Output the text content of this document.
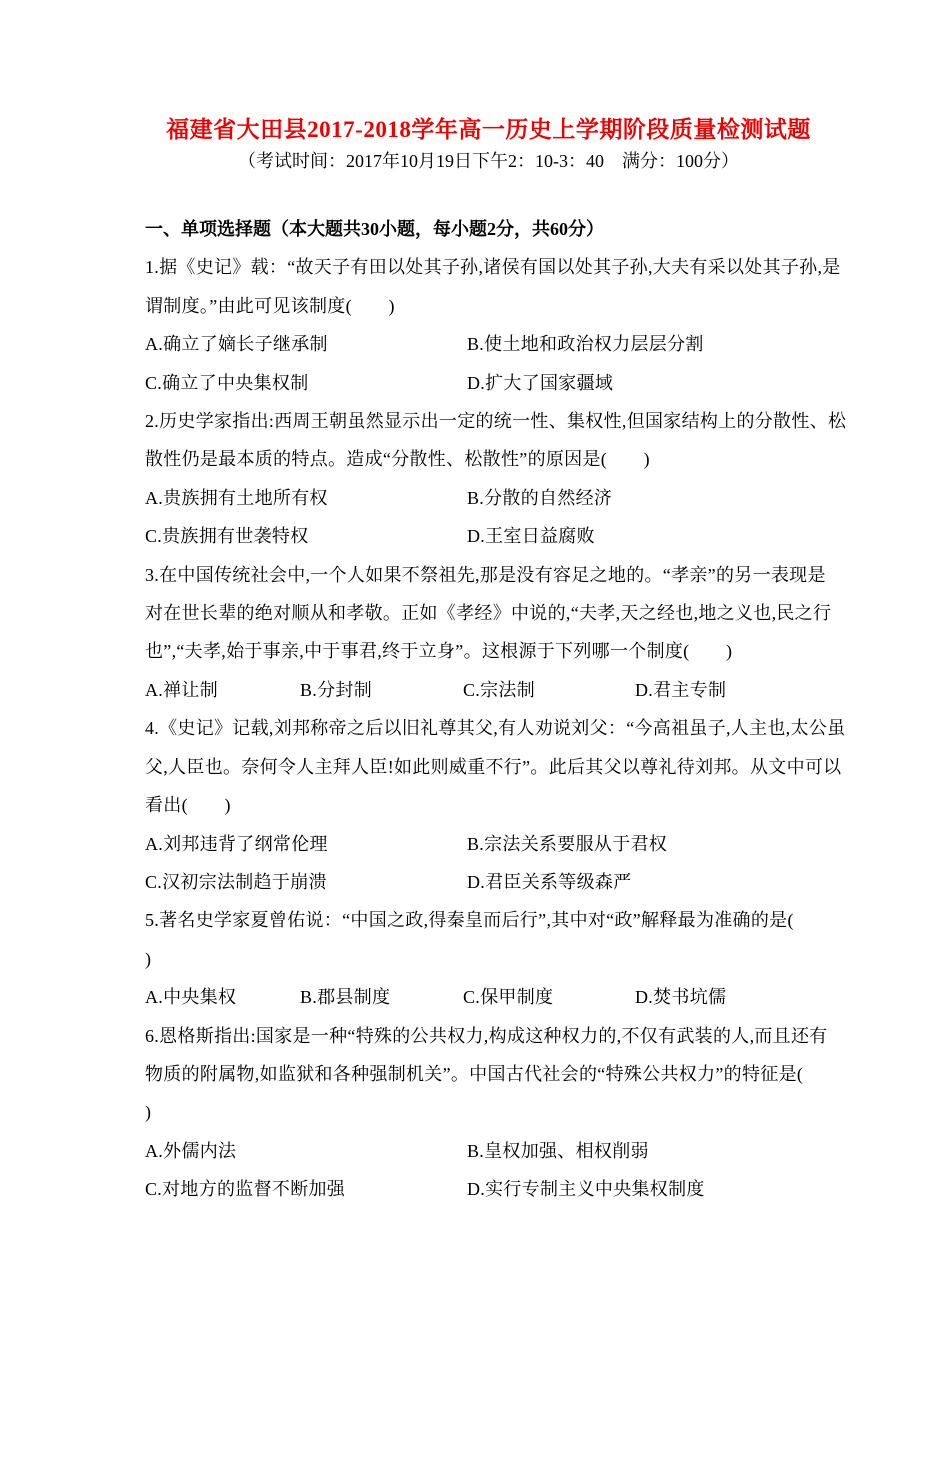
福建省大田县2017-2018学年高一历史上学期阶段质量检测试题
（考试时间：2017年10月19日下午2：10-3：40　满分：100分）
一、单项选择题（本大题共30小题，每小题2分，共60分）
1.据《史记》载：“故天子有田以处其子孙,诸侯有国以处其子孙,大夫有采以处其子孙,是
谓制度。”由此可见该制度(　　)
A.确立了嫡长子继承制	B.使土地和政治权力层层分割
C.确立了中央集权制	D.扩大了国家疆域
2.历史学家指出:西周王朝虽然显示出一定的统一性、集权性,但国家结构上的分散性、松
散性仍是最本质的特点。造成“分散性、松散性”的原因是(　　)
A.贵族拥有土地所有权	B.分散的自然经济
C.贵族拥有世袭特权	D.王室日益腐败
3.在中国传统社会中,一个人如果不祭祖先,那是没有容足之地的。“孝亲”的另一表现是
对在世长辈的绝对顺从和孝敬。正如《孝经》中说的,“夫孝,天之经也,地之义也,民之行
也”,“夫孝,始于事亲,中于事君,终于立身”。这根源于下列哪一个制度(　　)
A.禅让制	B.分封制	C.宗法制	D.君主专制
4.《史记》记载,刘邦称帝之后以旧礼尊其父,有人劝说刘父：“今高祖虽子,人主也,太公虽
父,人臣也。奈何令人主拜人臣!如此则威重不行”。此后其父以尊礼待刘邦。从文中可以
看出(　　)
A.刘邦违背了纲常伦理	B.宗法关系要服从于君权
C.汉初宗法制趋于崩溃	D.君臣关系等级森严
5.著名史学家夏曾佑说：“中国之政,得秦皇而后行”,其中对“政”解释最为准确的是(
)
A.中央集权	B.郡县制度	C.保甲制度	D.焚书坑儒
6.恩格斯指出:国家是一种“特殊的公共权力,构成这种权力的,不仅有武装的人,而且还有
物质的附属物,如监狱和各种强制机关”。中国古代社会的“特殊公共权力”的特征是(
)
A.外儒内法	B.皇权加强、相权削弱
C.对地方的监督不断加强	D.实行专制主义中央集权制度
